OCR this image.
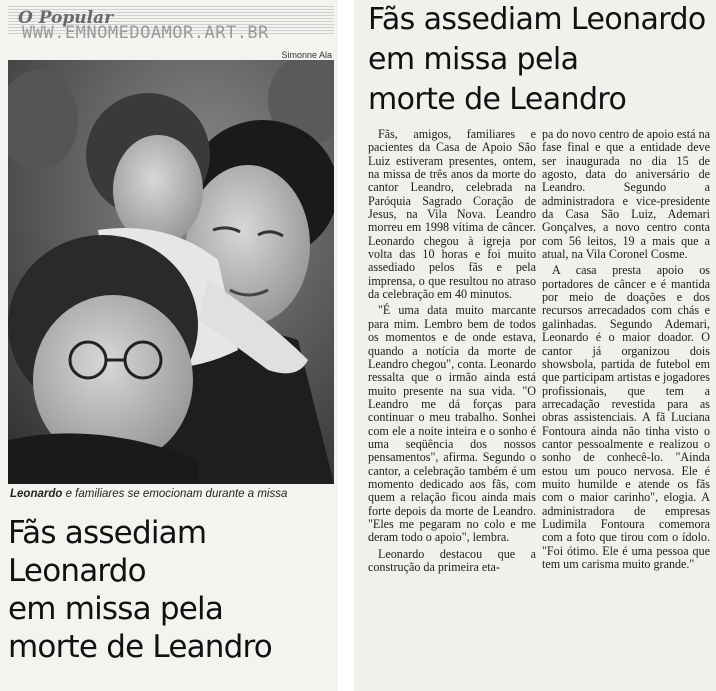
O Popular
WWW.EMNOMEDOAMOR.ART.BR
Simonne Ala
Leonardo e familiares se emocionam durante a missa
Fãs assediam Leonardo
em missa pela
morte de Leandro
Fãs assediam Leonardo
em missa pela
morte de Leandro

Fãs, amigos, familiares e pacientes da Casa de Apoio São Luiz estiveram presentes, ontem, na missa de três anos da morte do cantor Leandro, celebrada na Paróquia Sagrado Coração de Jesus, na Vila Nova. Leandro morreu em 1998 vítima de câncer. Leonardo chegou à igreja por volta das 10 horas e foi muito assediado pelos fãs e pela imprensa, o que resultou no atraso da celebração em 40 minutos.

"É uma data muito marcante para mim. Lembro bem de todos os momentos e de onde estava, quando a notícia da morte de Leandro chegou", conta. Leonardo ressalta que o irmão ainda está muito presente na sua vida. "O Leandro me dá forças para continuar o meu trabalho. Sonhei com ele a noite inteira e o sonho é uma seqüência dos nossos pensamentos", afirma. Segundo o cantor, a celebração também é um momento dedicado aos fãs, com quem a relação ficou ainda mais forte depois da morte de Leandro. "Eles me pegaram no colo e me deram todo o apoio", lembra.

Leonardo destacou que a construção da primeira eta-

pa do novo centro de apoio está na fase final e que a entidade deve ser inaugurada no dia 15 de agosto, data do aniversário de Leandro. Segundo a administradora e vice-presidente da Casa São Luiz, Ademari Gonçalves, a novo centro conta com 56 leitos, 19 a mais que a atual, na Vila Coronel Cosme.

A casa presta apoio os portadores de câncer e é mantida por meio de doações e dos recursos arrecadados com chás e galinhadas. Segundo Ademari, Leonardo é o maior doador. O cantor já organizou dois showsbola, partida de futebol em que participam artistas e jogadores profissionais, que tem a arrecadação revestida para as obras assistenciais. A fã Luciana Fontoura ainda não tinha visto o cantor pessoalmente e realizou o sonho de conhecê-lo. "Ainda estou um pouco nervosa. Ele é muito humilde e atende os fãs com o maior carinho", elogia. A administradora de empresas Ludimila Fontoura comemora com a foto que tirou com o ídolo. "Foi ótimo. Ele é uma pessoa que tem um carisma muito grande."
